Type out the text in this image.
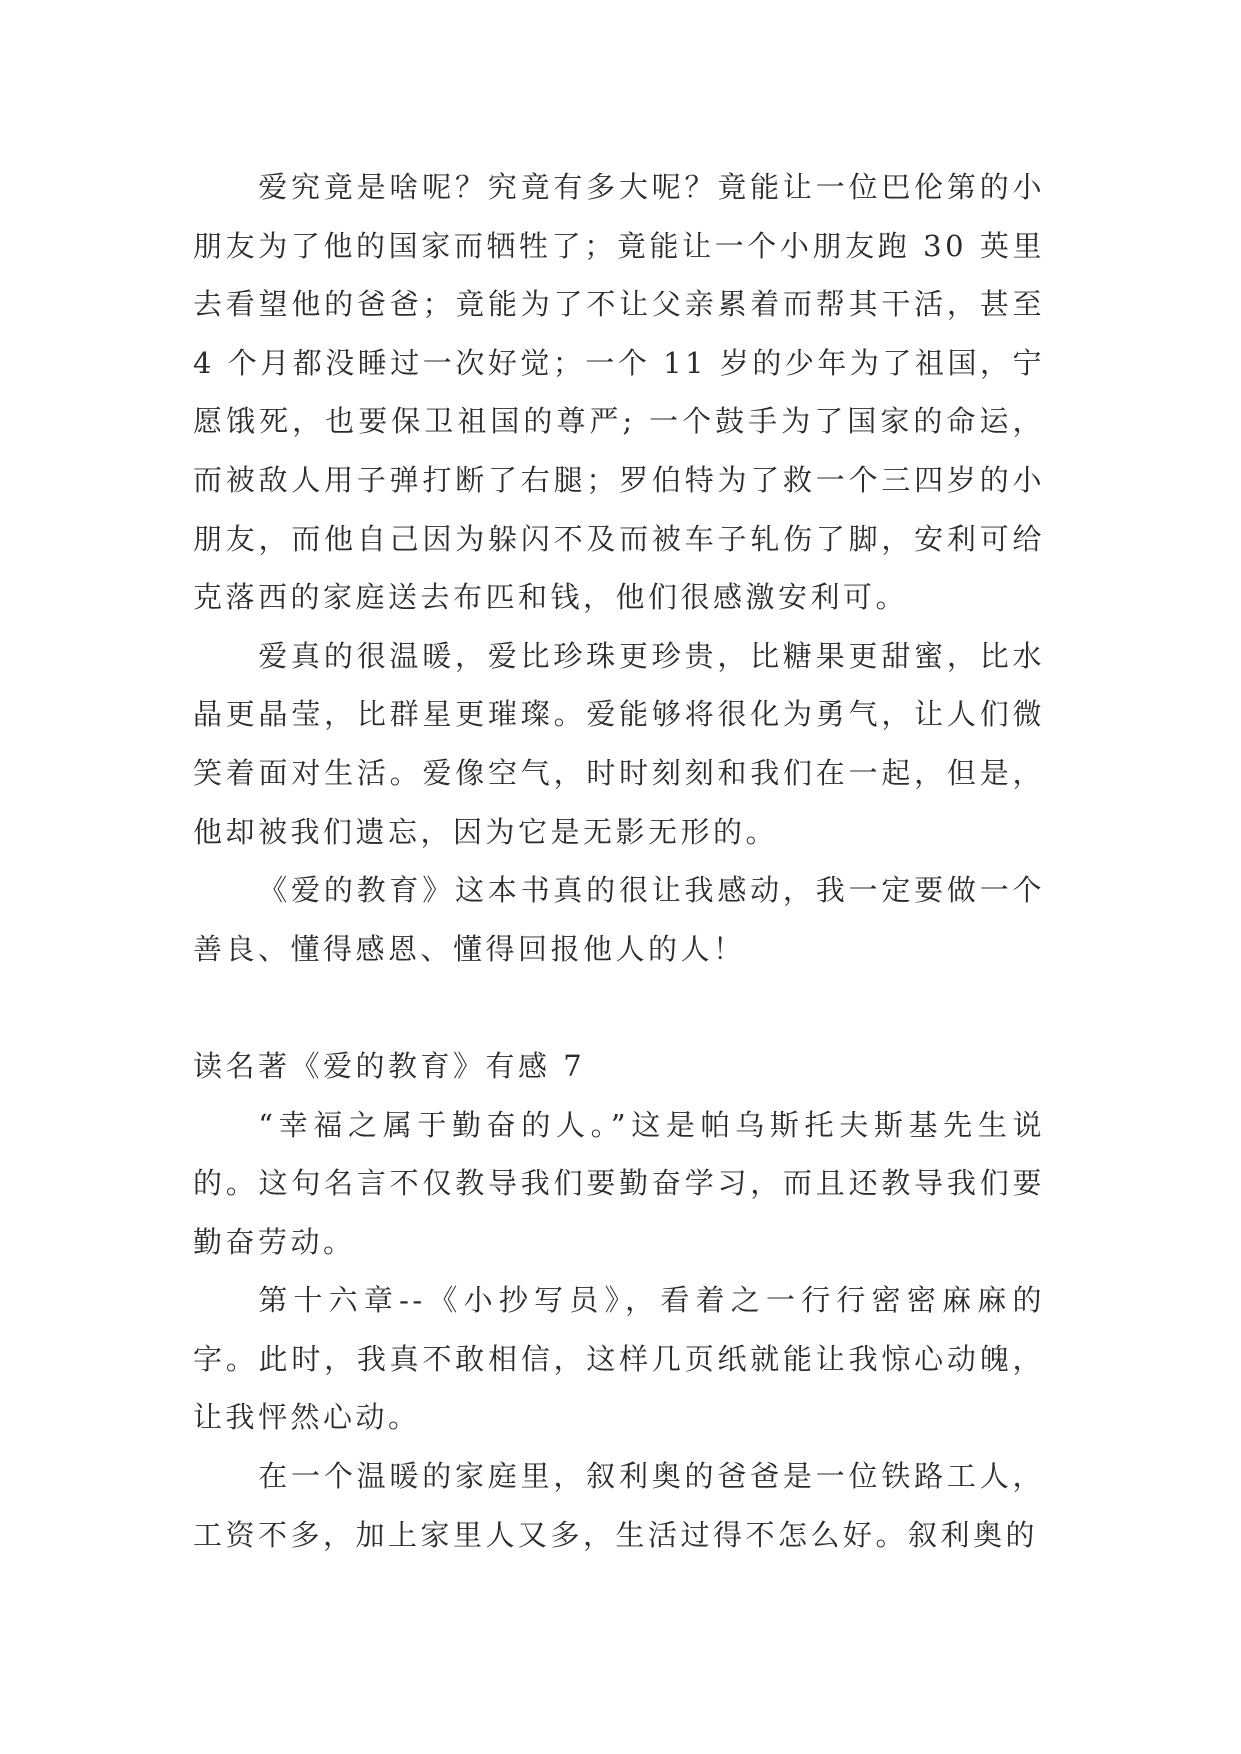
爱究竟是啥呢？究竟有多大呢？竟能让一位巴伦第的小朋友为了他的国家而牺牲了；竟能让一个小朋友跑 30 英里去看望他的爸爸；竟能为了不让父亲累着而帮其干活，甚至 4 个月都没睡过一次好觉；一个 11 岁的少年为了祖国，宁愿饿死，也要保卫祖国的尊严; 一个鼓手为了国家的命运，而被敌人用子弹打断了右腿；罗伯特为了救一个三四岁的小朋友，而他自己因为躲闪不及而被车子轧伤了脚，安利可给克落西的家庭送去布匹和钱，他们很感激安利可。

爱真的很温暖，爱比珍珠更珍贵，比糖果更甜蜜，比水晶更晶莹，比群星更璀璨。爱能够将很化为勇气，让人们微笑着面对生活。爱像空气，时时刻刻和我们在一起，但是，他却被我们遗忘，因为它是无影无形的。

《爱的教育》这本书真的很让我感动，我一定要做一个善良、懂得感恩、懂得回报他人的人！

读名著《爱的教育》有感 7

“幸福之属于勤奋的人。”这是帕乌斯托夫斯基先生说的。这句名言不仅教导我们要勤奋学习，而且还教导我们要勤奋劳动。

第十六章--《小抄写员》，看着之一行行密密麻麻的字。此时，我真不敢相信，这样几页纸就能让我惊心动魄，让我怦然心动。

在一个温暖的家庭里，叙利奥的爸爸是一位铁路工人，工资不多，加上家里人又多，生活过得不怎么好。叙利奥的
